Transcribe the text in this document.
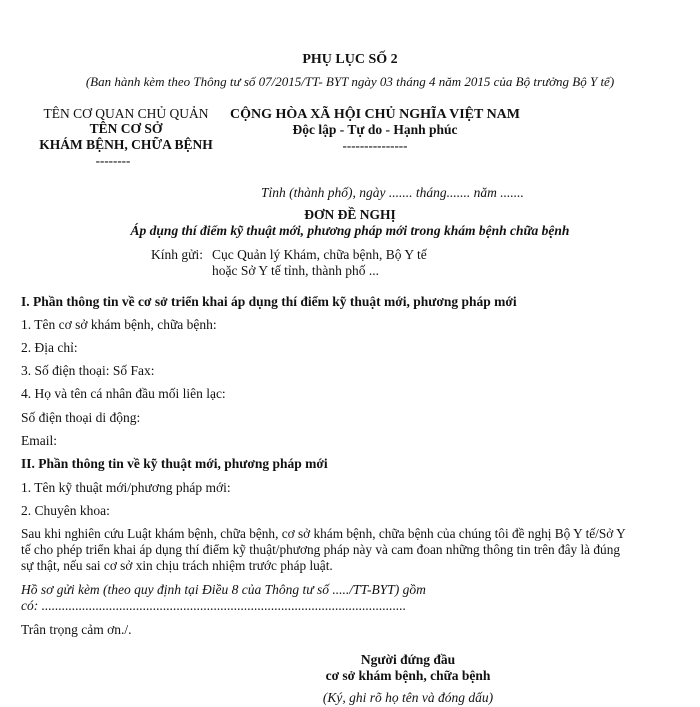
PHỤ LỤC SỐ 2
(Ban hành kèm theo Thông tư số 07/2015/TT- BYT ngày 03 tháng 4 năm 2015 của Bộ trưởng Bộ Y tế)
TÊN CƠ QUAN CHỦ QUẢN
TÊN CƠ SỞ
KHÁM BỆNH, CHỮA BỆNH
--------
CỘNG HÒA XÃ HỘI CHỦ NGHĨA VIỆT NAM
Độc lập - Tự do - Hạnh phúc
---------------
Tỉnh (thành phố), ngày ....... tháng....... năm .......
ĐƠN ĐỀ NGHỊ
Áp dụng thí điểm kỹ thuật mới, phương pháp mới trong khám bệnh chữa bệnh
Kính gửi: Cục Quản lý Khám, chữa bệnh, Bộ Y tế
hoặc Sở Y tế tỉnh, thành phố ...
I. Phần thông tin về cơ sở triển khai áp dụng thí điểm kỹ thuật mới, phương pháp mới
1. Tên cơ sở khám bệnh, chữa bệnh:
2. Địa chỉ:
3. Số điện thoại: Số Fax:
4. Họ và tên cá nhân đầu mối liên lạc:
Số điện thoại di động:
Email:
II. Phần thông tin về kỹ thuật mới, phương pháp mới
1. Tên kỹ thuật mới/phương pháp mới:
2. Chuyên khoa:
Sau khi nghiên cứu Luật khám bệnh, chữa bệnh, cơ sở khám bệnh, chữa bệnh của chúng tôi đề nghị Bộ Y tế/Sở Y
tế cho phép triển khai áp dụng thí điểm kỹ thuật/phương pháp này và cam đoan những thông tin trên đây là đúng
sự thật, nếu sai cơ sở xin chịu trách nhiệm trước pháp luật.
Hồ sơ gửi kèm (theo quy định tại Điều 8 của Thông tư số ...../TT-BYT) gồm
có: ............................................................................................................
Trân trọng cảm ơn./.
Người đứng đầu
cơ sở khám bệnh, chữa bệnh
(Ký, ghi rõ họ tên và đóng dấu)
